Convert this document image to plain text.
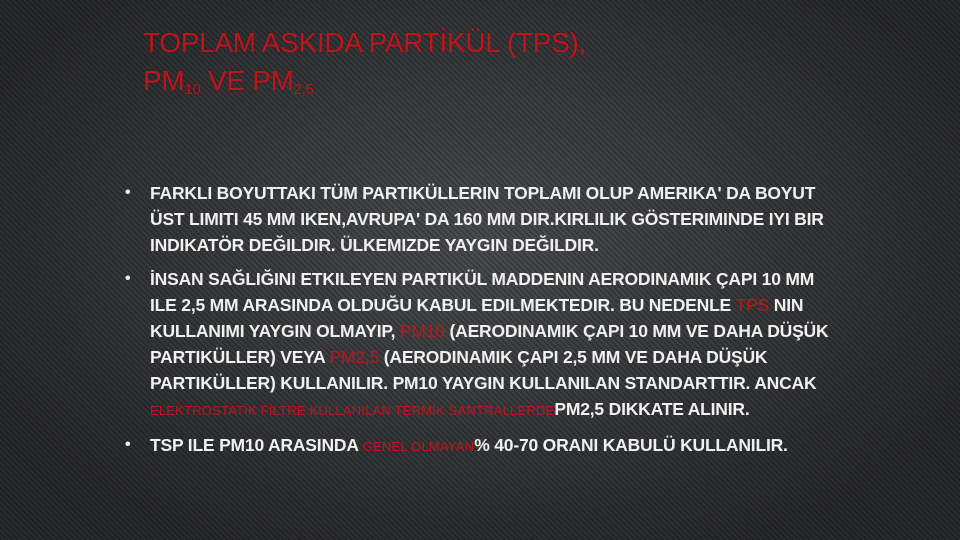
TOPLAM ASKIDA PARTİKÜL (TPS),
$PM_{10}$ VE $PM_{2,5}$
• FARKLI BOYUTTAKI TÜM PARTIKÜLLERIN TOPLAMI OLUP AMERIKA' DA BOYUT ÜST LIMITI 45 ΜM IKEN,AVRUPA' DA 160 ΜM DIR.KIRLILIK GÖSTERIMINDE IYI BIR INDIKATÖR DEĞILDIR. ÜLKEMIZDE YAYGIN DEĞILDIR.
• İNSAN SAĞLIĞINI ETKILEYEN PARTIKÜL MADDENIN AERODINAMIK ÇAPI 10 ΜM ILE 2,5 MM ARASINDA OLDUĞU KABUL EDILMEKTEDIR. BU NEDENLE TPS NIN KULLANIMI YAYGIN OLMAYIP, PM10 (AERODINAMIK ÇAPI 10 ΜM VE DAHA DÜŞÜK PARTIKÜLLER) VEYA PM2,5 (AERODINAMIK ÇAPI 2,5 ΜM VE DAHA DÜŞÜK PARTIKÜLLER) KULLANILIR. PM10 YAYGIN KULLANILAN STANDARTTIR. ANCAK ELEKTROSTATİK FİLTRE KULLANILAN TERMİK SANTRALLERDEPM2,5 DIKKATE ALINIR.
• TSP ILE PM10 ARASINDA GENEL OLMAYAN% 40-70 ORANI KABULÜ KULLANILIR.
